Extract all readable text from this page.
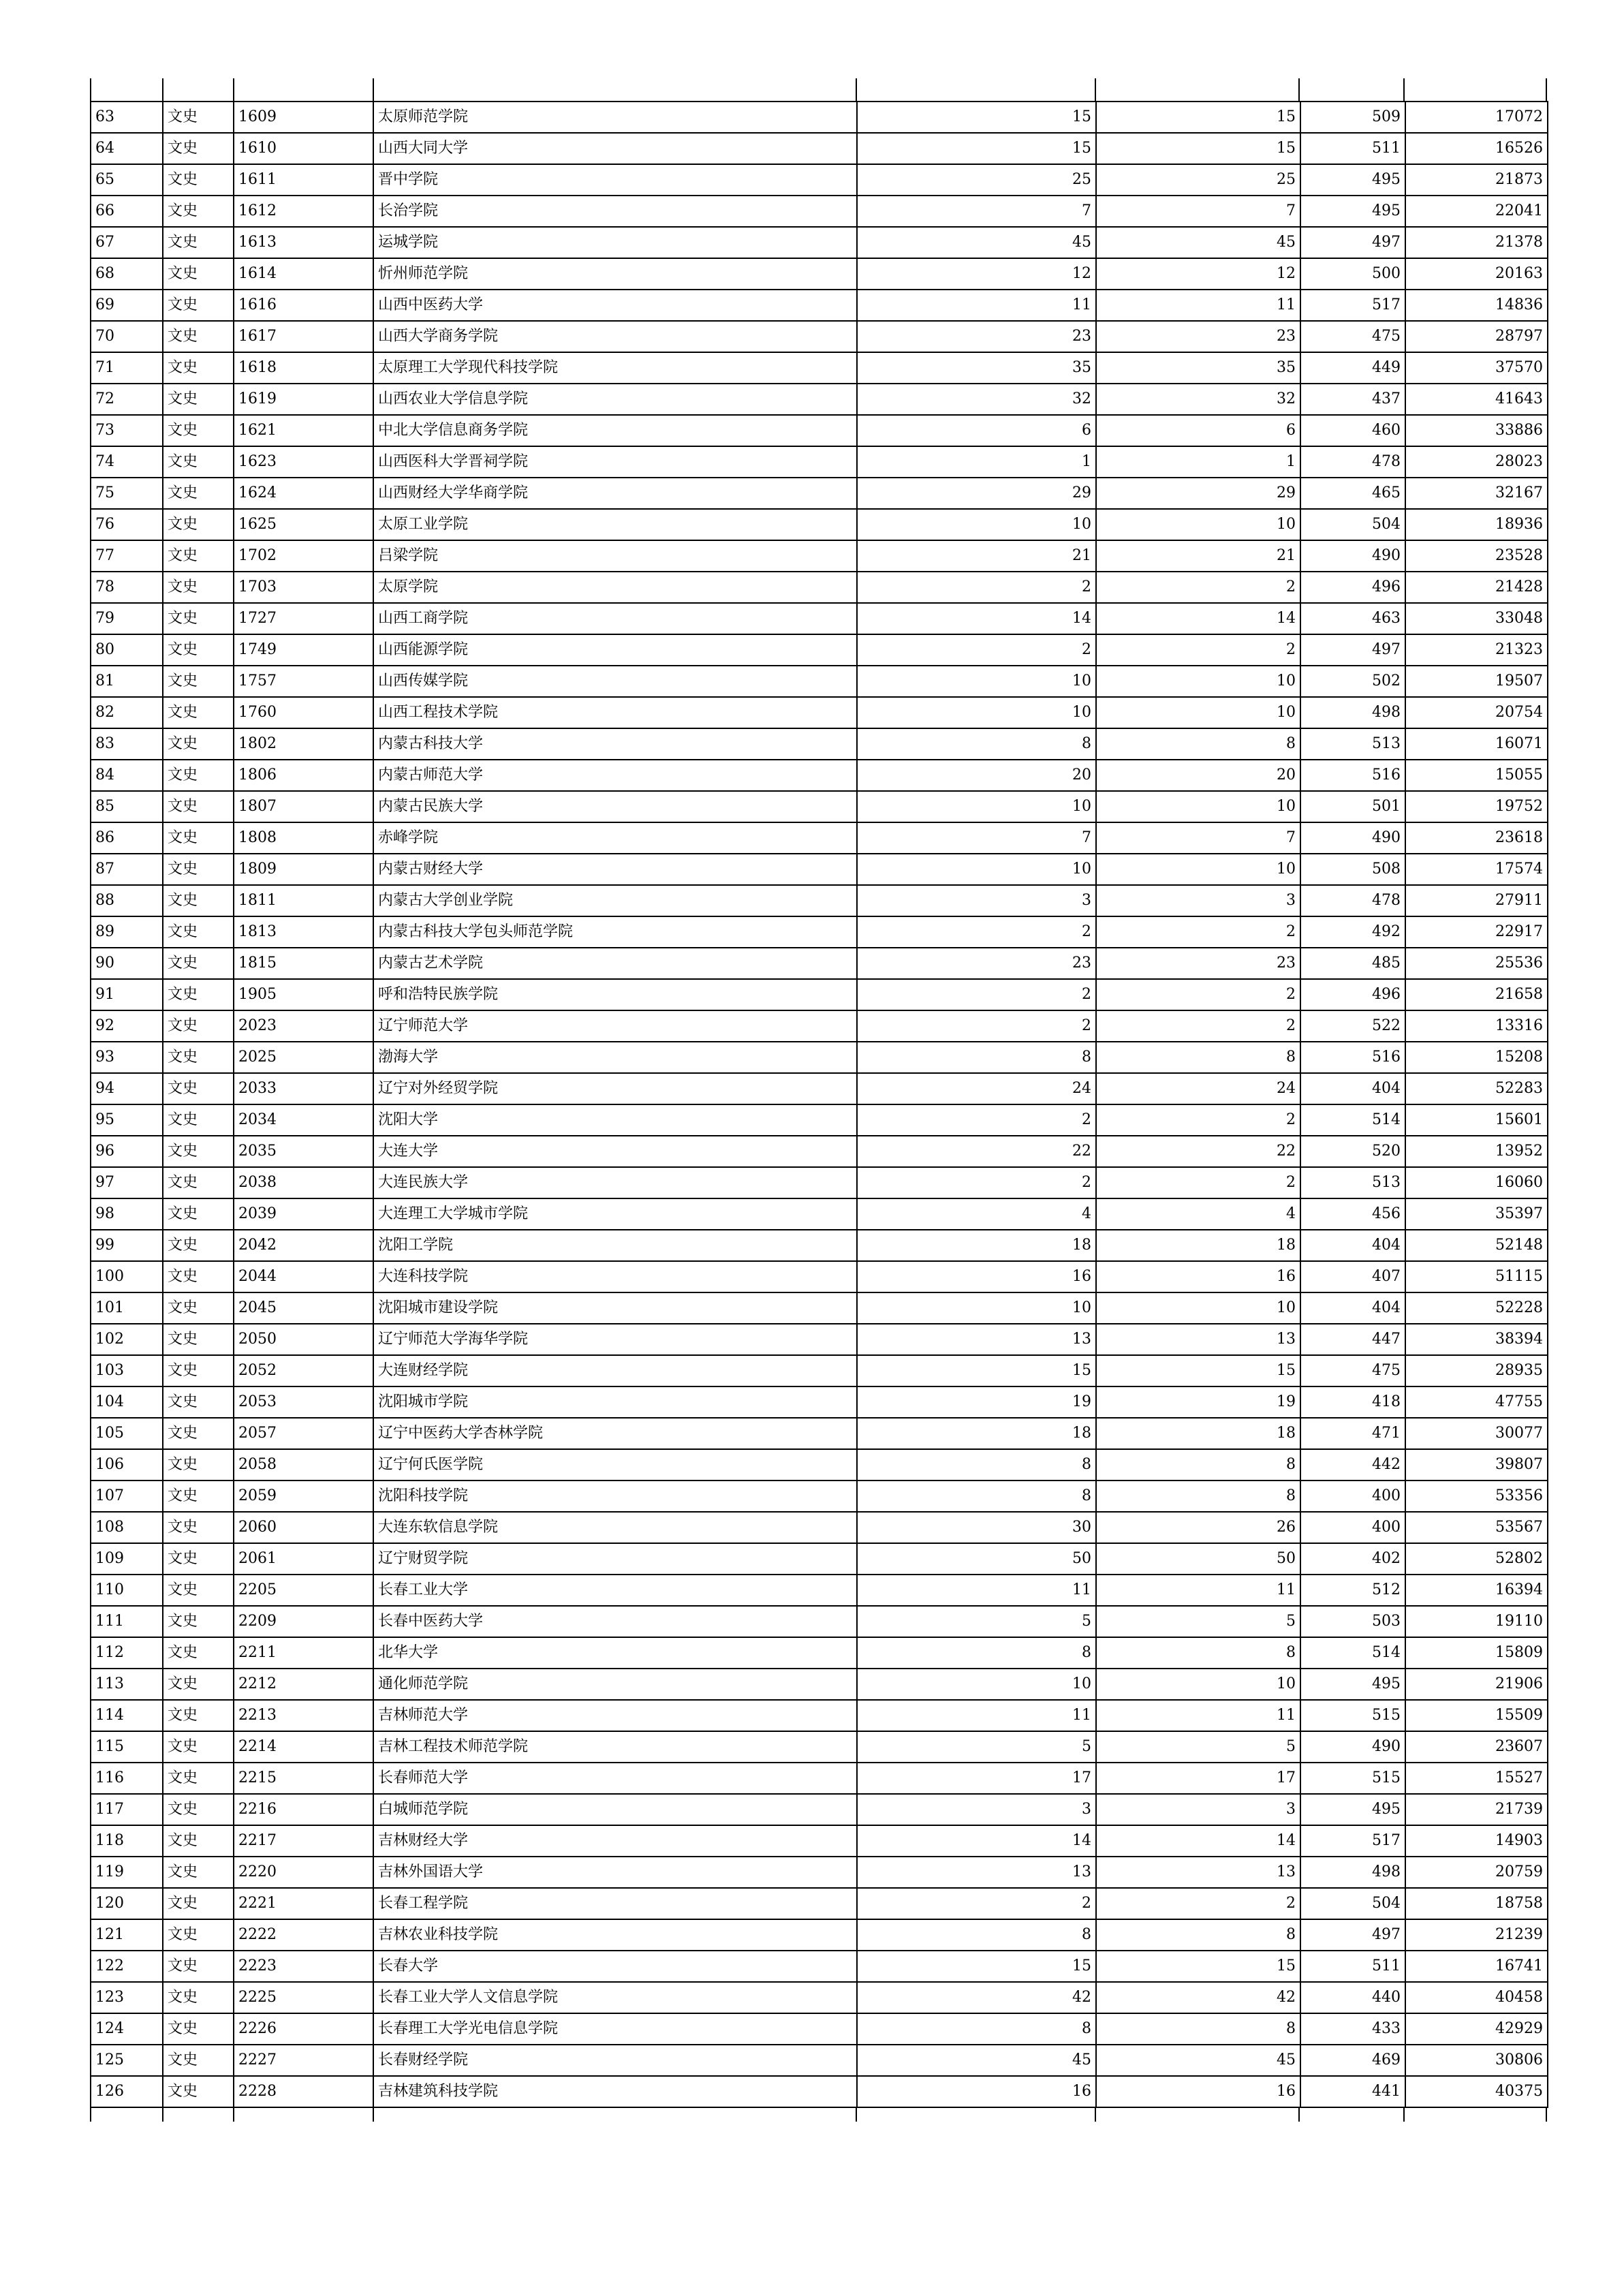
63	文史	1609	太原师范学院	15	15	509	17072
64	文史	1610	山西大同大学	15	15	511	16526
65	文史	1611	晋中学院	25	25	495	21873
66	文史	1612	长治学院	7	7	495	22041
67	文史	1613	运城学院	45	45	497	21378
68	文史	1614	忻州师范学院	12	12	500	20163
69	文史	1616	山西中医药大学	11	11	517	14836
70	文史	1617	山西大学商务学院	23	23	475	28797
71	文史	1618	太原理工大学现代科技学院	35	35	449	37570
72	文史	1619	山西农业大学信息学院	32	32	437	41643
73	文史	1621	中北大学信息商务学院	6	6	460	33886
74	文史	1623	山西医科大学晋祠学院	1	1	478	28023
75	文史	1624	山西财经大学华商学院	29	29	465	32167
76	文史	1625	太原工业学院	10	10	504	18936
77	文史	1702	吕梁学院	21	21	490	23528
78	文史	1703	太原学院	2	2	496	21428
79	文史	1727	山西工商学院	14	14	463	33048
80	文史	1749	山西能源学院	2	2	497	21323
81	文史	1757	山西传媒学院	10	10	502	19507
82	文史	1760	山西工程技术学院	10	10	498	20754
83	文史	1802	内蒙古科技大学	8	8	513	16071
84	文史	1806	内蒙古师范大学	20	20	516	15055
85	文史	1807	内蒙古民族大学	10	10	501	19752
86	文史	1808	赤峰学院	7	7	490	23618
87	文史	1809	内蒙古财经大学	10	10	508	17574
88	文史	1811	内蒙古大学创业学院	3	3	478	27911
89	文史	1813	内蒙古科技大学包头师范学院	2	2	492	22917
90	文史	1815	内蒙古艺术学院	23	23	485	25536
91	文史	1905	呼和浩特民族学院	2	2	496	21658
92	文史	2023	辽宁师范大学	2	2	522	13316
93	文史	2025	渤海大学	8	8	516	15208
94	文史	2033	辽宁对外经贸学院	24	24	404	52283
95	文史	2034	沈阳大学	2	2	514	15601
96	文史	2035	大连大学	22	22	520	13952
97	文史	2038	大连民族大学	2	2	513	16060
98	文史	2039	大连理工大学城市学院	4	4	456	35397
99	文史	2042	沈阳工学院	18	18	404	52148
100	文史	2044	大连科技学院	16	16	407	51115
101	文史	2045	沈阳城市建设学院	10	10	404	52228
102	文史	2050	辽宁师范大学海华学院	13	13	447	38394
103	文史	2052	大连财经学院	15	15	475	28935
104	文史	2053	沈阳城市学院	19	19	418	47755
105	文史	2057	辽宁中医药大学杏林学院	18	18	471	30077
106	文史	2058	辽宁何氏医学院	8	8	442	39807
107	文史	2059	沈阳科技学院	8	8	400	53356
108	文史	2060	大连东软信息学院	30	26	400	53567
109	文史	2061	辽宁财贸学院	50	50	402	52802
110	文史	2205	长春工业大学	11	11	512	16394
111	文史	2209	长春中医药大学	5	5	503	19110
112	文史	2211	北华大学	8	8	514	15809
113	文史	2212	通化师范学院	10	10	495	21906
114	文史	2213	吉林师范大学	11	11	515	15509
115	文史	2214	吉林工程技术师范学院	5	5	490	23607
116	文史	2215	长春师范大学	17	17	515	15527
117	文史	2216	白城师范学院	3	3	495	21739
118	文史	2217	吉林财经大学	14	14	517	14903
119	文史	2220	吉林外国语大学	13	13	498	20759
120	文史	2221	长春工程学院	2	2	504	18758
121	文史	2222	吉林农业科技学院	8	8	497	21239
122	文史	2223	长春大学	15	15	511	16741
123	文史	2225	长春工业大学人文信息学院	42	42	440	40458
124	文史	2226	长春理工大学光电信息学院	8	8	433	42929
125	文史	2227	长春财经学院	45	45	469	30806
126	文史	2228	吉林建筑科技学院	16	16	441	40375
